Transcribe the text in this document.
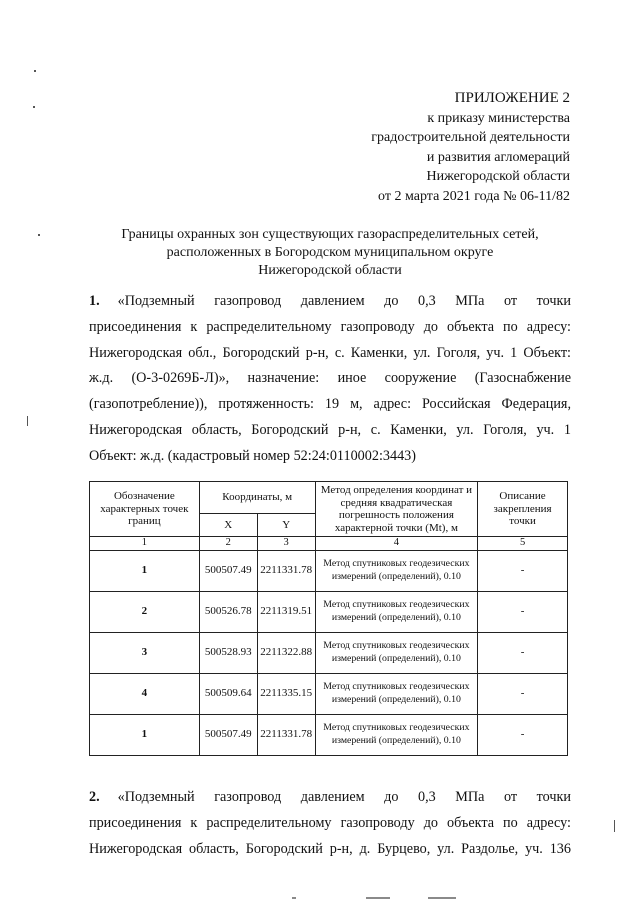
ПРИЛОЖЕНИЕ 2
к приказу министерства
градостроительной деятельности
и развития агломераций
Нижегородской области
от 2 марта 2021 года № 06-11/82
Границы охранных зон существующих газораспределительных сетей,
расположенных в Богородском муниципальном округе
Нижегородской области

1. «Подземный газопровод давлением до 0,3 МПа от точки

присоединения к распределительному газопроводу до объекта по адресу:

Нижегородская обл., Богородский р-н, с. Каменки, ул. Гоголя, уч. 1 Объект:

ж.д. (О-3-0269Б-Л)», назначение: иное сооружение (Газоснабжение

(газопотребление)), протяженность: 19 м, адрес: Российская Федерация,

Нижегородская область, Богородский р-н, с. Каменки, ул. Гоголя, уч. 1

Объект: ж.д. (кадастровый номер 52:24:0110002:3443)

Обозначение характерных точек границ	Координаты, м		Метод определения координат и средняя квадратическая погрешность положения характерной точки (Mt), м	Описание закрепления точки
	X	Y		
1	2	3	4	5
1	500507.49	2211331.78	Метод спутниковых геодезических измерений (определений), 0.10	-
2	500526.78	2211319.51	Метод спутниковых геодезических измерений (определений), 0.10	-
3	500528.93	2211322.88	Метод спутниковых геодезических измерений (определений), 0.10	-
4	500509.64	2211335.15	Метод спутниковых геодезических измерений (определений), 0.10	-
1	500507.49	2211331.78	Метод спутниковых геодезических измерений (определений), 0.10	-

2. «Подземный газопровод давлением до 0,3 МПа от точки

присоединения к распределительному газопроводу до объекта по адресу:

Нижегородская область, Богородский р-н, д. Бурцево, ул. Раздолье, уч. 136
